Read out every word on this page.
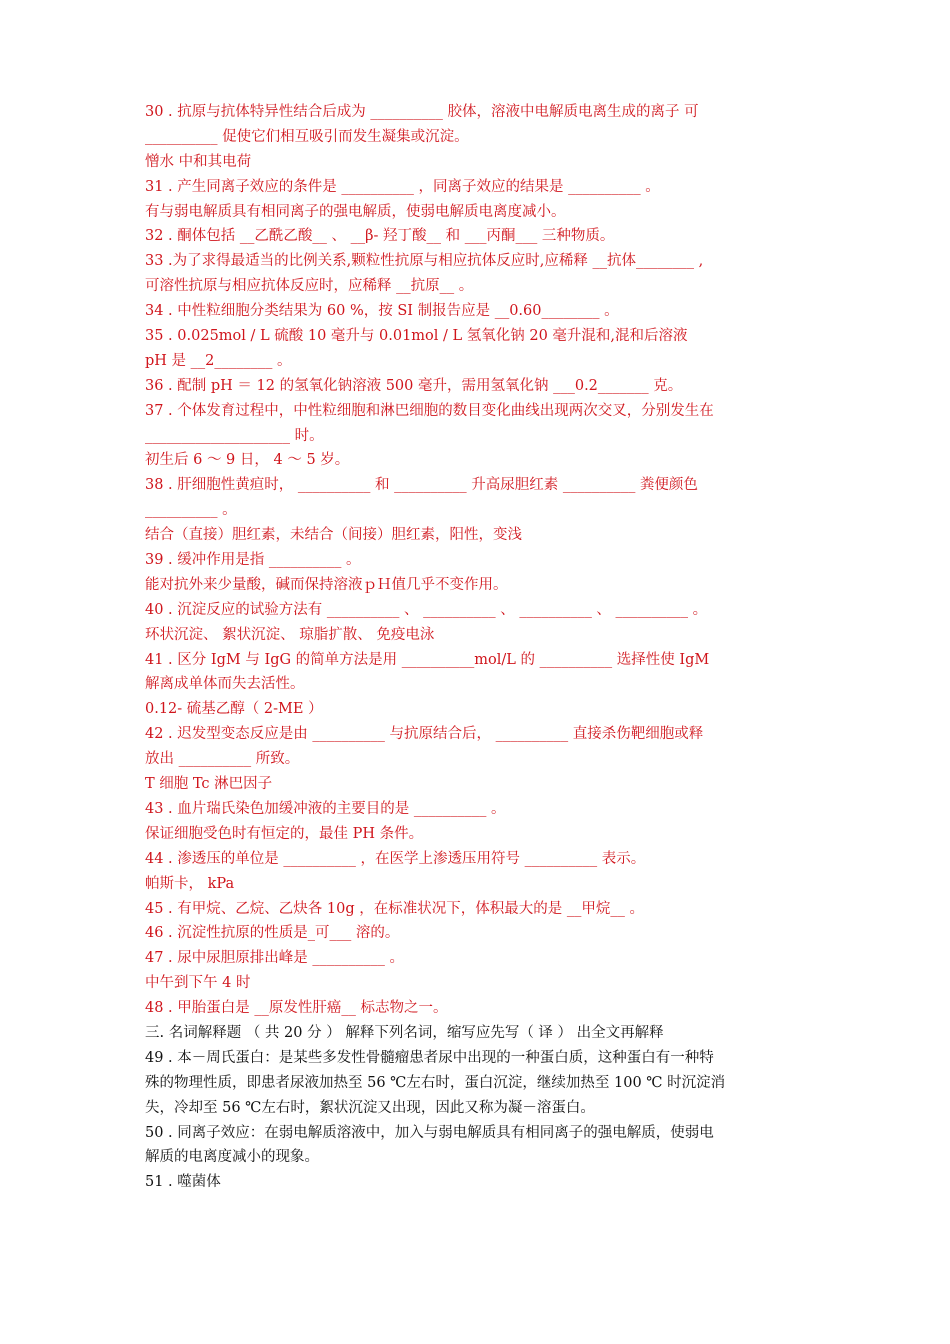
30 . 抗原与抗体特异性结合后成为 __________ 胶体，溶液中电解质电离生成的离子 可
__________ 促使它们相互吸引而发生凝集或沉淀。
憎水 中和其电荷
31 . 产生同离子效应的条件是 __________ ，同离子效应的结果是 __________ 。
有与弱电解质具有相同离子的强电解质，使弱电解质电离度减小。
32 . 酮体包括 __乙酰乙酸__ 、 __β- 羟丁酸__ 和 ___丙酮___ 三种物质。
33 .为了求得最适当的比例关系,颗粒性抗原与相应抗体反应时,应稀释 __抗体________ ,
可溶性抗原与相应抗体反应时，应稀释 __抗原__ 。
34 . 中性粒细胞分类结果为 60 %，按 SI 制报告应是 __0.60________ 。
35 . 0.025mol / L 硫酸 10 毫升与 0.01mol / L 氢氧化钠 20 毫升混和,混和后溶液
pH 是 __2________ 。
36 . 配制 pH ＝ 12 的氢氧化钠溶液 500 毫升，需用氢氧化钠 ___0.2_______ 克。
37 . 个体发育过程中，中性粒细胞和淋巴细胞的数目变化曲线出现两次交叉，分别发生在
____________________ 时。
初生后 6 ～ 9 日， 4 ～ 5 岁。
38 . 肝细胞性黄疸时， __________ 和 __________ 升高尿胆红素 __________ 粪便颜色
__________ 。
结合（直接）胆红素，未结合（间接）胆红素，阳性，变浅
39 . 缓冲作用是指 __________ 。
能对抗外来少量酸，碱而保持溶液ｐＨ值几乎不变作用。
40 . 沉淀反应的试验方法有 __________ 、 __________ 、 __________ 、 __________ 。
环状沉淀、 絮状沉淀、 琼脂扩散、 免疫电泳
41 . 区分 IgM 与 IgG 的简单方法是用 __________mol/L 的 __________ 选择性使 IgM
解离成单体而失去活性。
0.12- 硫基乙醇（ 2-ME ）
42 . 迟发型变态反应是由 __________ 与抗原结合后， __________ 直接杀伤靶细胞或释
放出 __________ 所致。
T 细胞 Tc 淋巴因子
43 . 血片瑞氏染色加缓冲液的主要目的是 __________ 。
保证细胞受色时有恒定的，最佳 PH 条件。
44 . 渗透压的单位是 __________ ，在医学上渗透压用符号 __________ 表示。
帕斯卡， kPa
45 . 有甲烷、乙烷、乙炔各 10g ，在标准状况下，体积最大的是 __甲烷__ 。
46 . 沉淀性抗原的性质是_可___ 溶的。
47 . 尿中尿胆原排出峰是 __________ 。
中午到下午 4 时
48 . 甲胎蛋白是 __原发性肝癌__ 标志物之一。
三. 名词解释题 （ 共 20 分 ） 解释下列名词，缩写应先写（ 译 ） 出全文再解释
49 . 本－周氏蛋白：是某些多发性骨髓瘤患者尿中出现的一种蛋白质，这种蛋白有一种特
殊的物理性质，即患者尿液加热至 56 ℃左右时，蛋白沉淀，继续加热至 100 ℃ 时沉淀消
失，冷却至 56 ℃左右时，絮状沉淀又出现，因此又称为凝－溶蛋白。
50 . 同离子效应：在弱电解质溶液中，加入与弱电解质具有相同离子的强电解质，使弱电
解质的电离度减小的现象。
51 . 噬菌体
